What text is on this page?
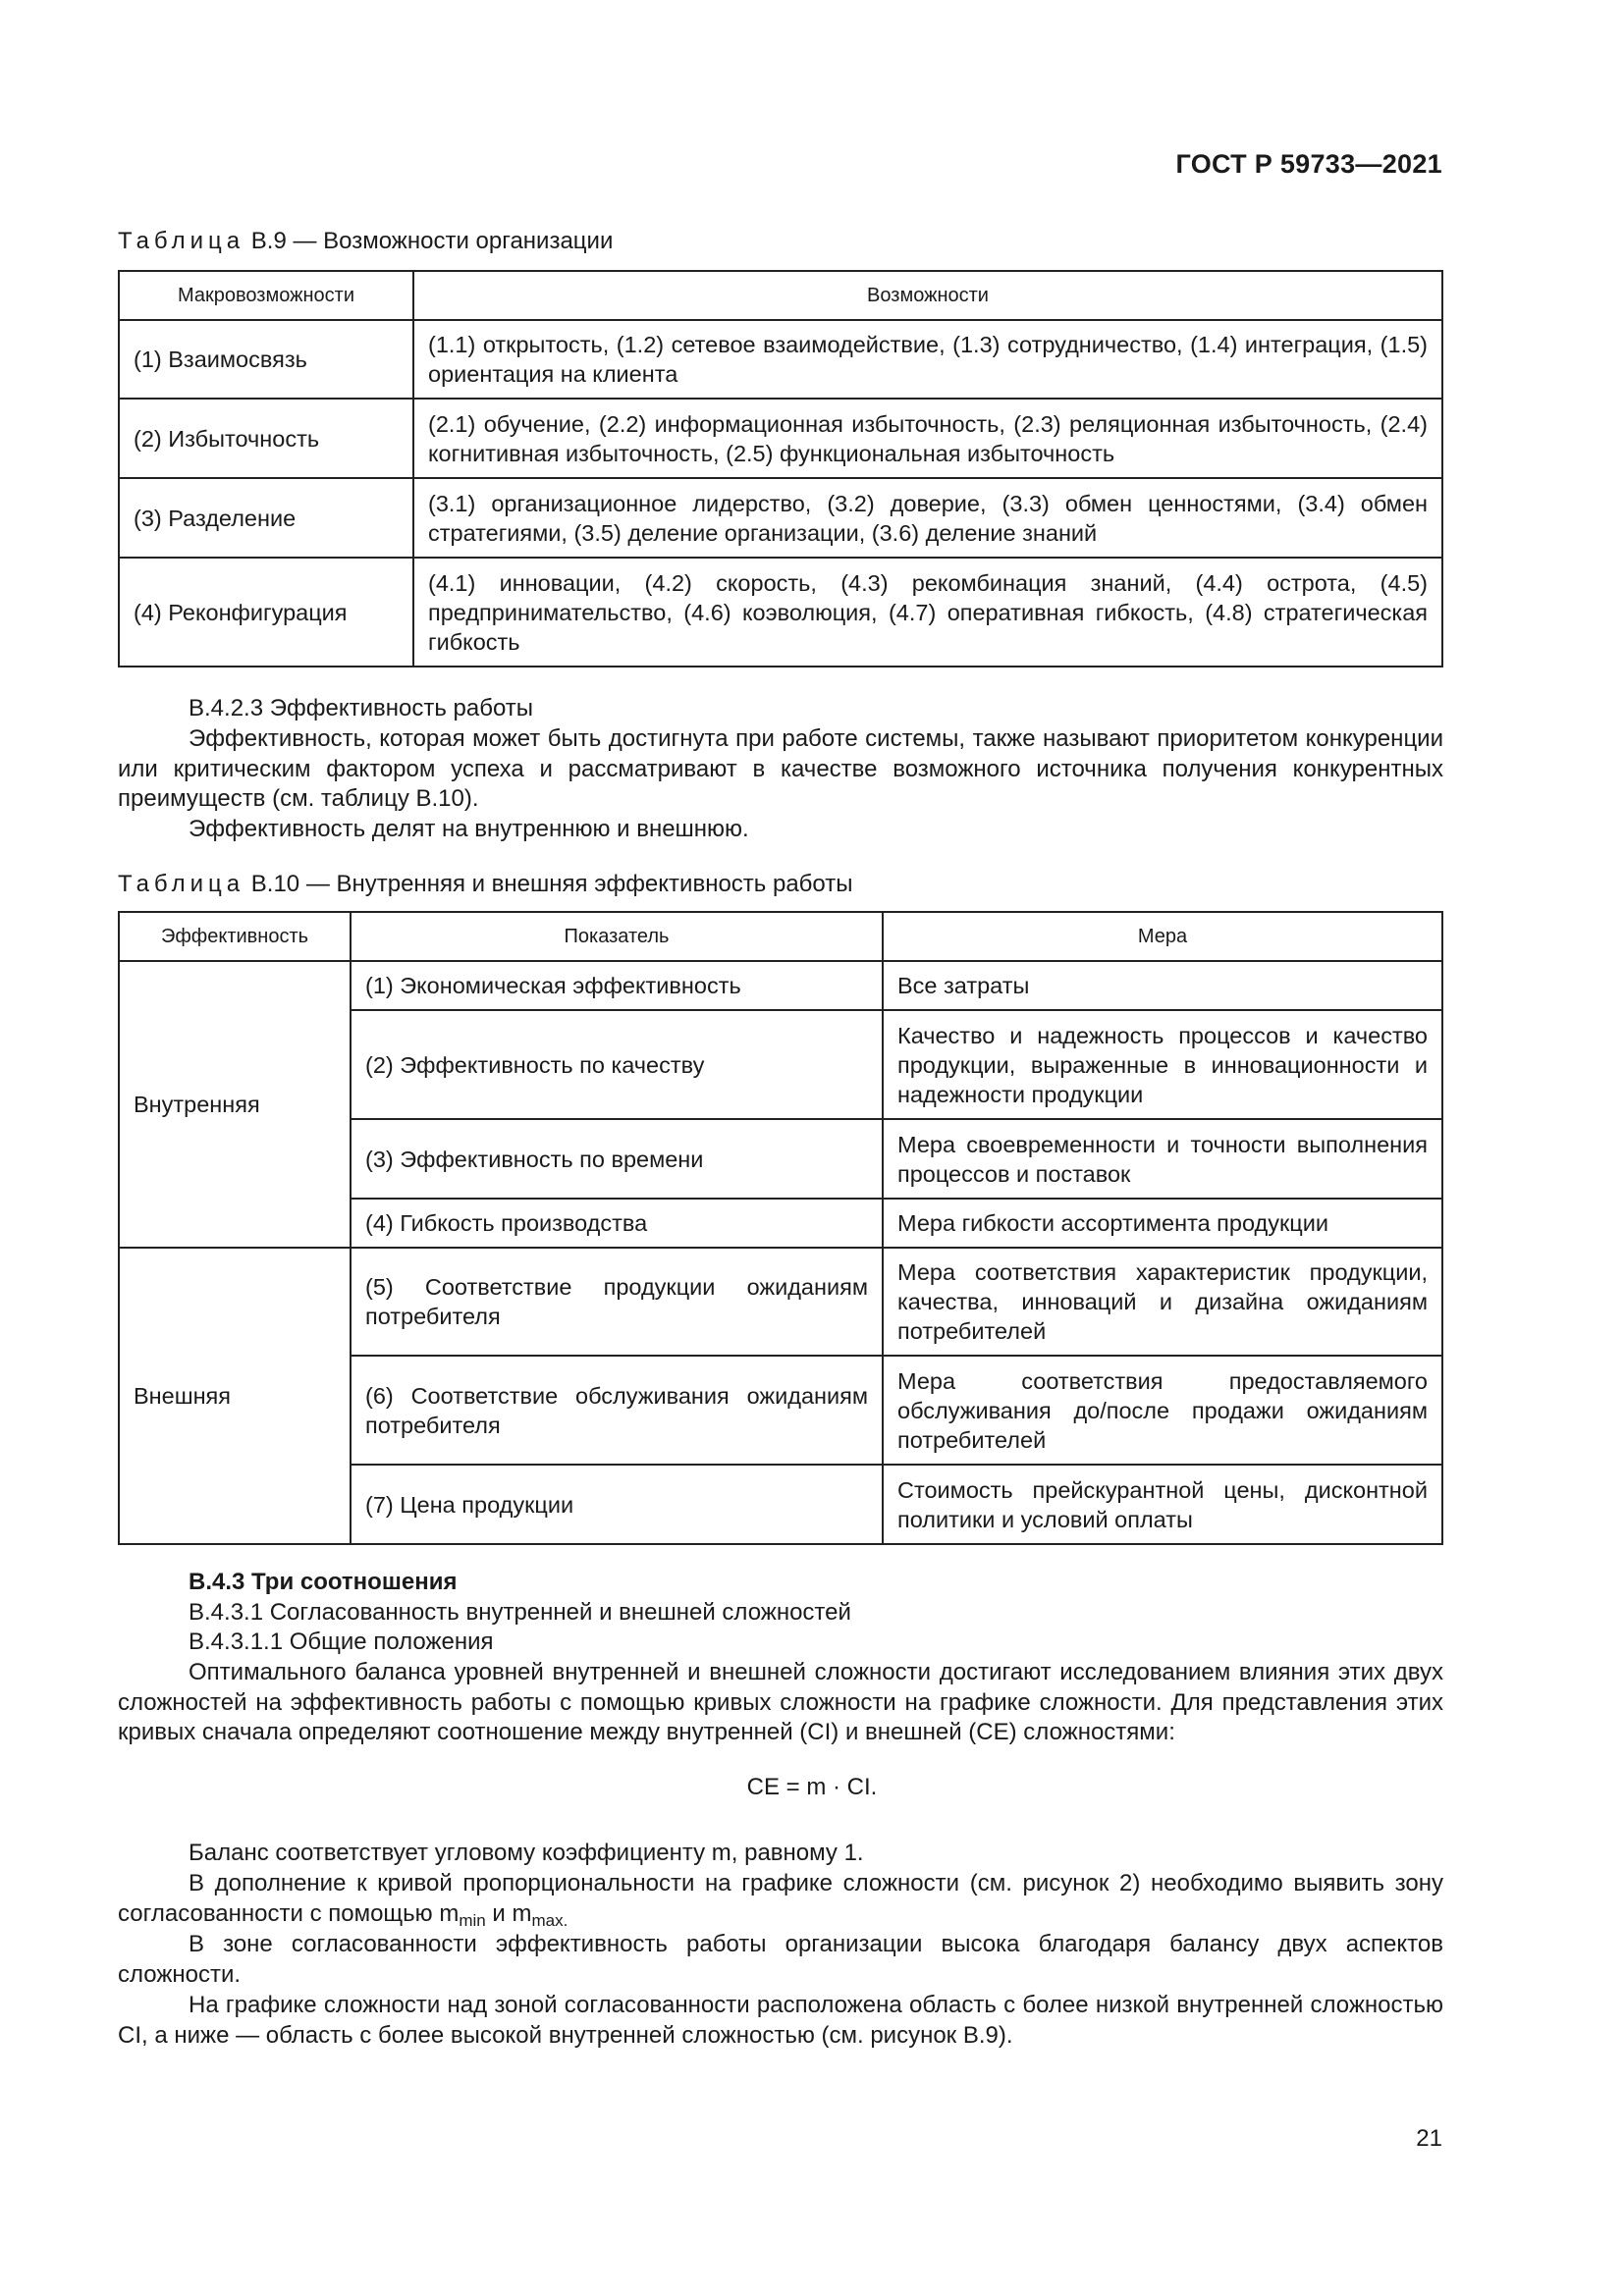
ГОСТ Р 59733—2021
Таблица В.9 — Возможности организации
Макровозможности	Возможности
(1) Взаимосвязь	(1.1) открытость, (1.2) сетевое взаимодействие, (1.3) сотрудничество, (1.4) интеграция, (1.5) ориентация на клиента
(2) Избыточность	(2.1) обучение, (2.2) информационная избыточность, (2.3) реляционная избыточность, (2.4) когнитивная избыточность, (2.5) функциональная избыточность
(3) Разделение	(3.1) организационное лидерство, (3.2) доверие, (3.3) обмен ценностями, (3.4) обмен стратегиями, (3.5) деление организации, (3.6) деление знаний
(4) Реконфигурация	(4.1) инновации, (4.2) скорость, (4.3) рекомбинация знаний, (4.4) острота, (4.5) предпринимательство, (4.6) коэволюция, (4.7) оперативная гибкость, (4.8) стратегическая гибкость
В.4.2.3 Эффективность работы
Эффективность, которая может быть достигнута при работе системы, также называют приоритетом конкуренции или критическим фактором успеха и рассматривают в качестве возможного источника получения конкурентных преимуществ (см. таблицу В.10).
Эффективность делят на внутреннюю и внешнюю.
Таблица В.10 — Внутренняя и внешняя эффективность работы
Эффективность	Показатель	Мера
Внутренняя	(1) Экономическая эффективность	Все затраты
	(2) Эффективность по качеству	Качество и надежность процессов и качество продукции, выраженные в инновационности и надежности продукции
	(3) Эффективность по времени	Мера своевременности и точности выполнения процессов и поставок
	(4) Гибкость производства	Мера гибкости ассортимента продукции
Внешняя	(5) Соответствие продукции ожиданиям потребителя	Мера соответствия характеристик продукции, качества, инноваций и дизайна ожиданиям потребителей
	(6) Соответствие обслуживания ожиданиям потребителя	Мера соответствия предоставляемого обслуживания до/после продажи ожиданиям потребителей
	(7) Цена продукции	Стоимость прейскурантной цены, дисконтной политики и условий оплаты
В.4.3 Три соотношения
В.4.3.1 Согласованность внутренней и внешней сложностей
В.4.3.1.1 Общие положения
Оптимального баланса уровней внутренней и внешней сложности достигают исследованием влияния этих двух сложностей на эффективность работы с помощью кривых сложности на графике сложности. Для представления этих кривых сначала определяют соотношение между внутренней (CI) и внешней (CE) сложностями:
CE = m · CI.
Баланс соответствует угловому коэффициенту m, равному 1.
В дополнение к кривой пропорциональности на графике сложности (см. рисунок 2) необходимо выявить зону согласованности с помощью $m_{min}$ и $m_{max.}$
В зоне согласованности эффективность работы организации высока благодаря балансу двух аспектов сложности.
На графике сложности над зоной согласованности расположена область с более низкой внутренней сложностью CI, а ниже — область с более высокой внутренней сложностью (см. рисунок В.9).
21
